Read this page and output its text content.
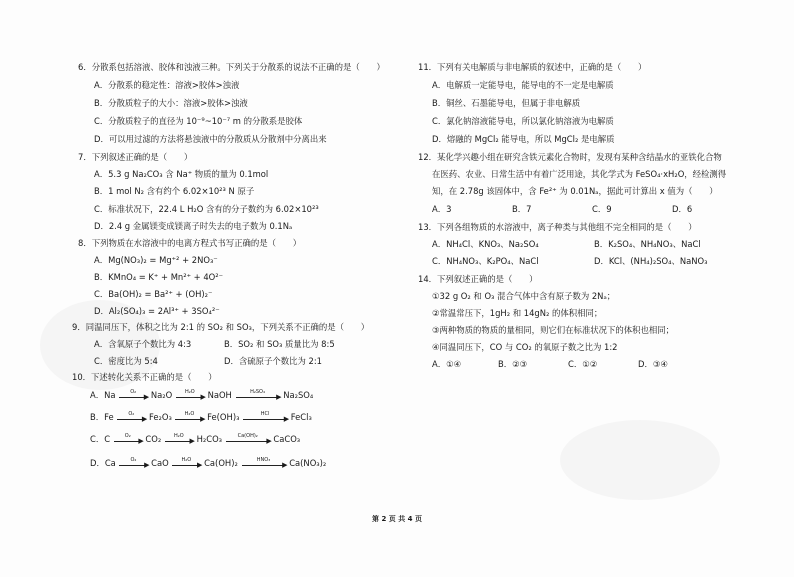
6．分散系包括溶液、胶体和浊液三种。下列关于分散系的说法不正确的是（　　）
A．分散系的稳定性：溶液>胶体>浊液
B．分散质粒子的大小：溶液>胶体>浊液
C．分散质粒子的直径为 10⁻⁹~10⁻⁷ m 的分散系是胶体
D．可以用过滤的方法将悬浊液中的分散质从分散剂中分离出来
7．下列叙述正确的是（　　）
A．5.3 g Na₂CO₃ 含 Na⁺ 物质的量为 0.1mol
B．1 mol N₂ 含有约个 6.02×10²³ N 原子
C．标准状况下，22.4 L H₂O 含有的分子数约为 6.02×10²³
D．2.4 g 金属镁变成镁离子时失去的电子数为 0.1Nₐ
8．下列物质在水溶液中的电离方程式书写正确的是（　　）
A．Mg(NO₃)₂ = Mg⁺² + 2NO₃⁻
B．KMnO₄ = K⁺ + Mn²⁺ + 4O²⁻
C．Ba(OH)₂ = Ba²⁺ + (OH)₂⁻
D．Al₂(SO₄)₃ = 2Al³⁺ + 3SO₄²⁻
9．同温同压下，体积之比为 2:1 的 SO₂ 和 SO₃，下列关系不正确的是（　　）
A．含氧原子个数比为 4:3	B．SO₂ 和 SO₃ 质量比为 8:5
C．密度比为 5:4	D．含硫原子个数比为 2:1
10．下述转化关系不正确的是（　　）
A．Na	O₂
▶ Na₂O	H₂O
▶ NaOH	H₂SO₄
▶ Na₂SO₄
B．Fe	O₂
▶ Fe₂O₃	H₂O
▶ Fe(OH)₃	HCl
▶ FeCl₃
C．C	O₂
▶ CO₂	H₂O
▶ H₂CO₃	Ca(OH)₂
▶ CaCO₃
D．Ca	O₂
▶ CaO	H₂O
▶ Ca(OH)₂	HNO₃
▶ Ca(NO₃)₂
11．下列有关电解质与非电解质的叙述中，正确的是（　　）
A．电解质一定能导电，能导电的不一定是电解质
B．铜丝、石墨能导电，但属于非电解质
C．氯化钠溶液能导电，所以氯化钠溶液为电解质
D．熔融的 MgCl₂ 能导电，所以 MgCl₂ 是电解质
12．某化学兴趣小组在研究含铁元素化合物时，发现有某种含结晶水的亚铁化合物
在医药、农业、日常生活中有着广泛用途，其化学式为 FeSO₄·xH₂O，经检测得
知，在 2.78g 该固体中，含 Fe²⁺ 为 0.01Nₐ，据此可计算出 x 值为（　　）
A．3	B．7	C．9	D．6
13．下列各组物质的水溶液中，离子种类与其他组不完全相同的是（　　）
A．NH₄Cl、KNO₃、Na₂SO₄	B．K₂SO₄、NH₄NO₃、NaCl
C．NH₄NO₃、K₂PO₄、NaCl	D．KCl、(NH₄)₂SO₄、NaNO₃
14．下列叙述正确的是（　　）
①32 g O₂ 和 O₃ 混合气体中含有原子数为 2Nₐ；
②常温常压下，1gH₂ 和 14gN₂ 的体积相同；
③两种物质的物质的量相同，则它们在标准状况下的体积也相同；
④同温同压下，CO 与 CO₂ 的氧原子数之比为 1:2
A．①④	B．②③	C．①②	D．③④
第 2 页 共 4 页
